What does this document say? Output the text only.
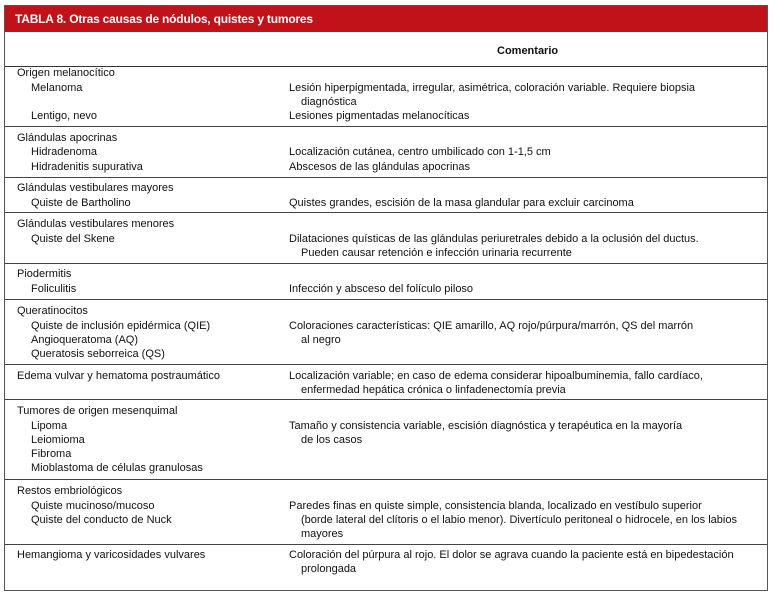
TABLA 8. Otras causas de nódulos, quistes y tumores
Comentario
Origen melanocítico
Melanoma	Lesión hiperpigmentada, irregular, asimétrica, coloración variable. Requiere biopsia
diagnóstica
Lentigo, nevo	Lesiones pigmentadas melanocíticas
Glándulas apocrinas
Hidradenoma	Localización cutánea, centro umbilicado con 1-1,5 cm
Hidradenitis supurativa	Abscesos de las glándulas apocrinas
Glándulas vestibulares mayores
Quiste de Bartholino	Quistes grandes, escisión de la masa glandular para excluir carcinoma
Glándulas vestibulares menores
Quiste del Skene	Dilataciones quísticas de las glándulas periuretrales debido a la oclusión del ductus.
Pueden causar retención e infección urinaria recurrente
Piodermitis
Foliculitis	Infección y absceso del folículo piloso
Queratinocitos
Quiste de inclusión epidérmica (QIE)	Coloraciones características: QIE amarillo, AQ rojo/púrpura/marrón, QS del marrón
al negro
Angioqueratoma (AQ)
Queratosis seborreica (QS)
Edema vulvar y hematoma postraumático	Localización variable; en caso de edema considerar hipoalbuminemia, fallo cardíaco,
enfermedad hepática crónica o linfadenectomía previa
Tumores de origen mesenquimal
Lipoma	Tamaño y consistencia variable, escisión diagnóstica y terapéutica en la mayoría
de los casos
Leiomioma
Fibroma
Mioblastoma de células granulosas
Restos embriológicos
Quiste mucinoso/mucoso	Paredes finas en quiste simple, consistencia blanda, localizado en vestíbulo superior
(borde lateral del clítoris o el labio menor). Divertículo peritoneal o hidrocele, en los labios
mayores
Quiste del conducto de Nuck
Hemangioma y varicosidades vulvares	Coloración del púrpura al rojo. El dolor se agrava cuando la paciente está en bipedestación
prolongada
